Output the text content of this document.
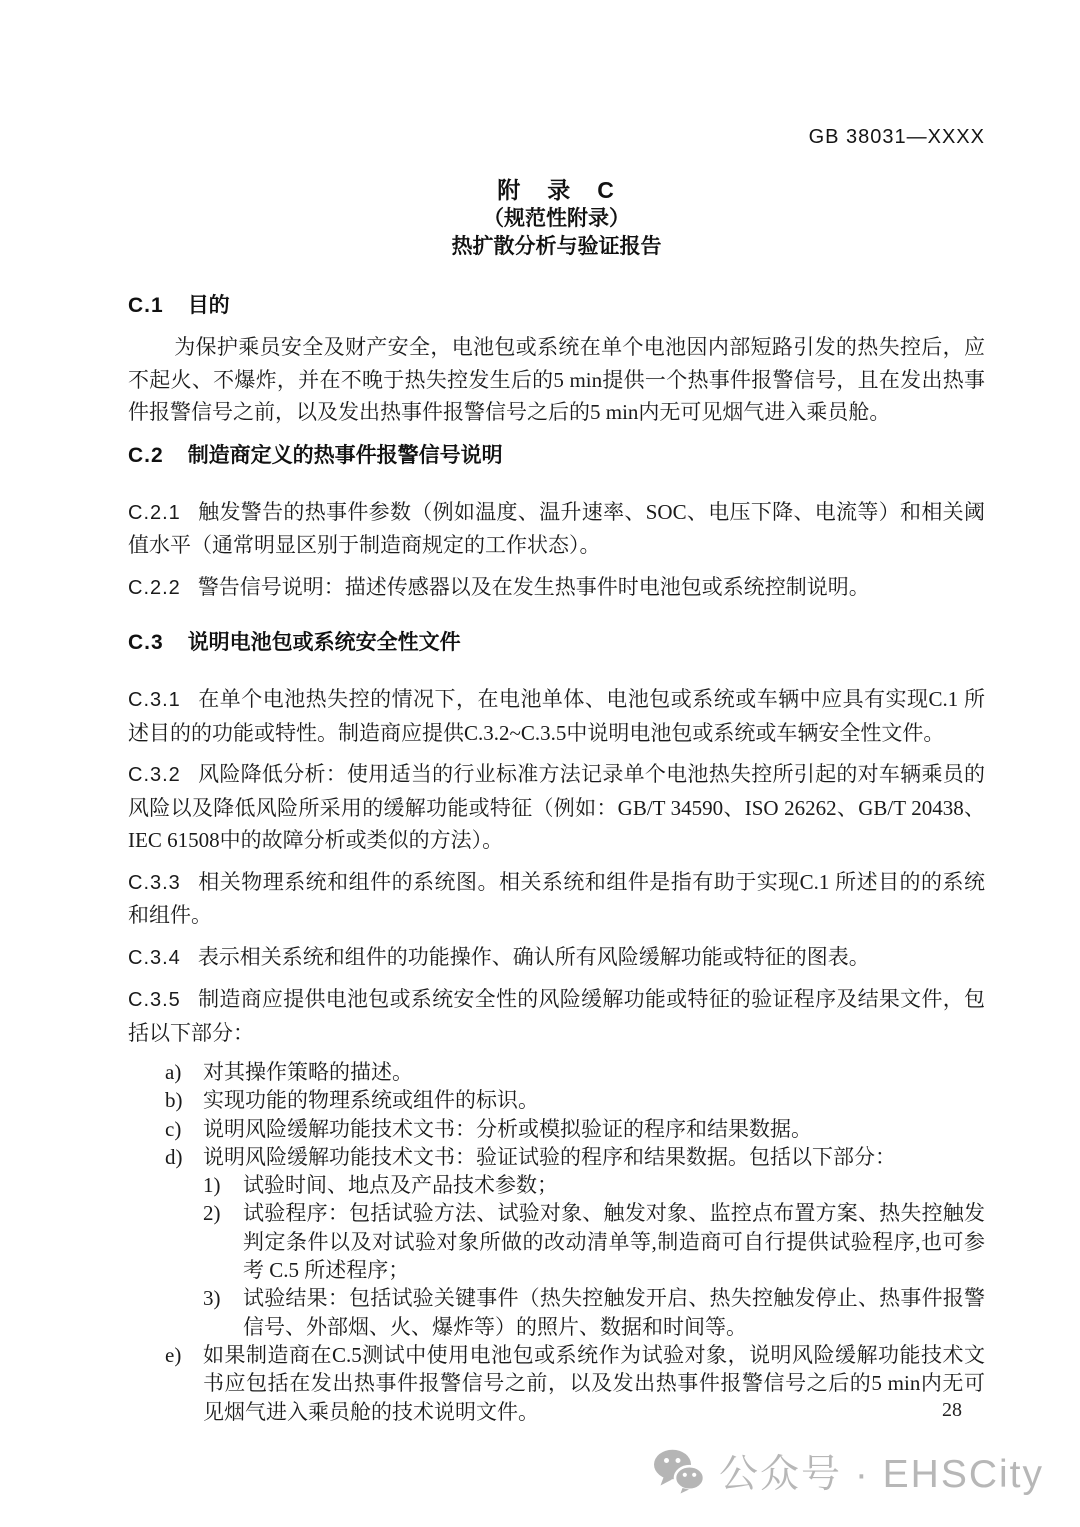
GB 38031—XXXX
附　录　C
（规范性附录）
热扩散分析与验证报告
C.1 目的

为保护乘员安全及财产安全，电池包或系统在单个电池因内部短路引发的热失控后，应不起火、不爆炸，并在不晚于热失控发生后的5 min提供一个热事件报警信号，且在发出热事件报警信号之前，以及发出热事件报警信号之后的5 min内无可见烟气进入乘员舱。

C.2 制造商定义的热事件报警信号说明

C.2.1 触发警告的热事件参数（例如温度、温升速率、SOC、电压下降、电流等）和相关阈值水平（通常明显区别于制造商规定的工作状态）。

C.2.2 警告信号说明：描述传感器以及在发生热事件时电池包或系统控制说明。

C.3 说明电池包或系统安全性文件

C.3.1 在单个电池热失控的情况下，在电池单体、电池包或系统或车辆中应具有实现C.1 所述目的的功能或特性。制造商应提供C.3.2~C.3.5中说明电池包或系统或车辆安全性文件。

C.3.2 风险降低分析：使用适当的行业标准方法记录单个电池热失控所引起的对车辆乘员的风险以及降低风险所采用的缓解功能或特征（例如：GB/T 34590、ISO 26262、GB/T 20438、IEC 61508中的故障分析或类似的方法）。

C.3.3 相关物理系统和组件的系统图。相关系统和组件是指有助于实现C.1 所述目的的系统和组件。

C.3.4 表示相关系统和组件的功能操作、确认所有风险缓解功能或特征的图表。

C.3.5 制造商应提供电池包或系统安全性的风险缓解功能或特征的验证程序及结果文件，包括以下部分：

a) 对其操作策略的描述。
b) 实现功能的物理系统或组件的标识。
c) 说明风险缓解功能技术文书：分析或模拟验证的程序和结果数据。
d) 说明风险缓解功能技术文书：验证试验的程序和结果数据。包括以下部分：
1) 试验时间、地点及产品技术参数；
2) 试验程序：包括试验方法、试验对象、触发对象、监控点布置方案、热失控触发判定条件以及对试验对象所做的改动清单等,制造商可自行提供试验程序,也可参考 C.5 所述程序；
3) 试验结果：包括试验关键事件（热失控触发开启、热失控触发停止、热事件报警信号、外部烟、火、爆炸等）的照片、数据和时间等。
e) 如果制造商在C.5测试中使用电池包或系统作为试验对象，说明风险缓解功能技术文书应包括在发出热事件报警信号之前，以及发出热事件报警信号之后的5 min内无可见烟气进入乘员舱的技术说明文件。	28
公众号 · EHSCity
